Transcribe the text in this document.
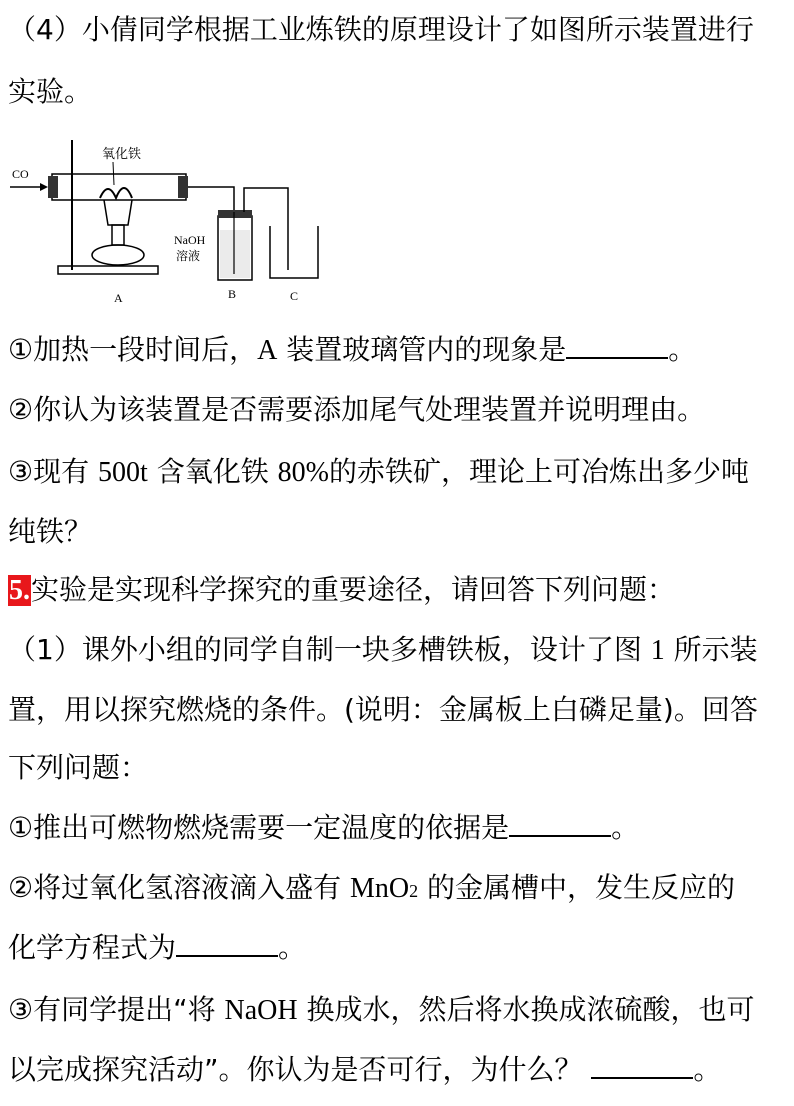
（4）小倩同学根据工业炼铁的原理设计了如图所示装置进行
实验。
CO
氧化铁
A
NaOH
溶液
B	C
①加热一段时间后，A 装置玻璃管内的现象是	。
②你认为该装置是否需要添加尾气处理装置并说明理由。
③现有 500t 含氧化铁 80%的赤铁矿，理论上可冶炼出多少吨
纯铁？
5.实验是实现科学探究的重要途径，请回答下列问题：
（1）课外小组的同学自制一块多槽铁板，设计了图 1 所示装
置，用以探究燃烧的条件。(说明：金属板上白磷足量)。回答
下列问题：
①推出可燃物燃烧需要一定温度的依据是	。
②将过氧化氢溶液滴入盛有 MnO2 的金属槽中，发生反应的
化学方程式为	。
③有同学提出“将 NaOH 换成水，然后将水换成浓硫酸，也可
以完成探究活动”。你认为是否可行，为什么？	。
